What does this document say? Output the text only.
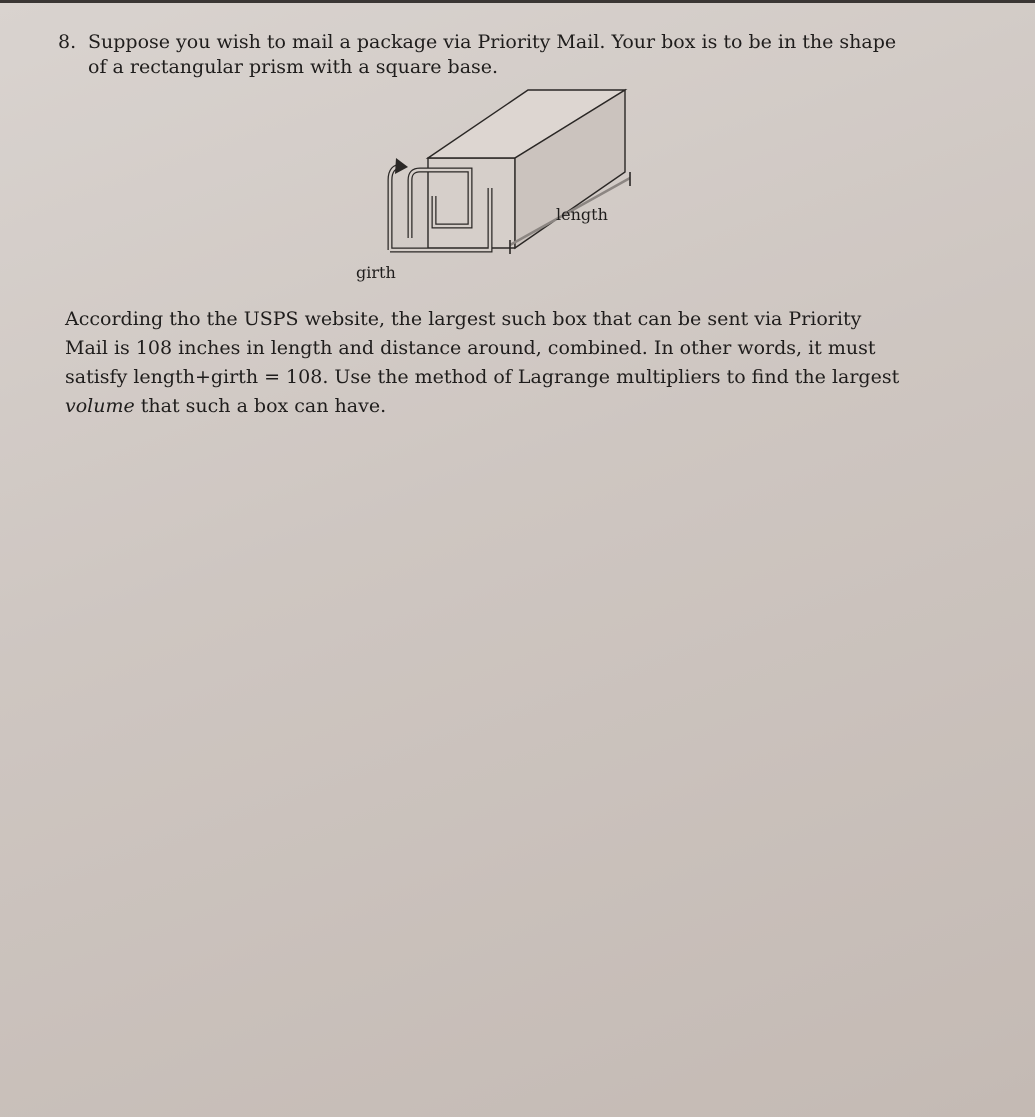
8. Suppose you wish to mail a package via Priority Mail. Your box is to be in the shape
of a rectangular prism with a square base.
length
girth

According tho the USPS website, the largest such box that can be sent via Priority

Mail is 108 inches in length and distance around, combined. In other words, it must

satisfy length+girth = 108. Use the method of Lagrange multipliers to find the largest

volume that such a box can have.
